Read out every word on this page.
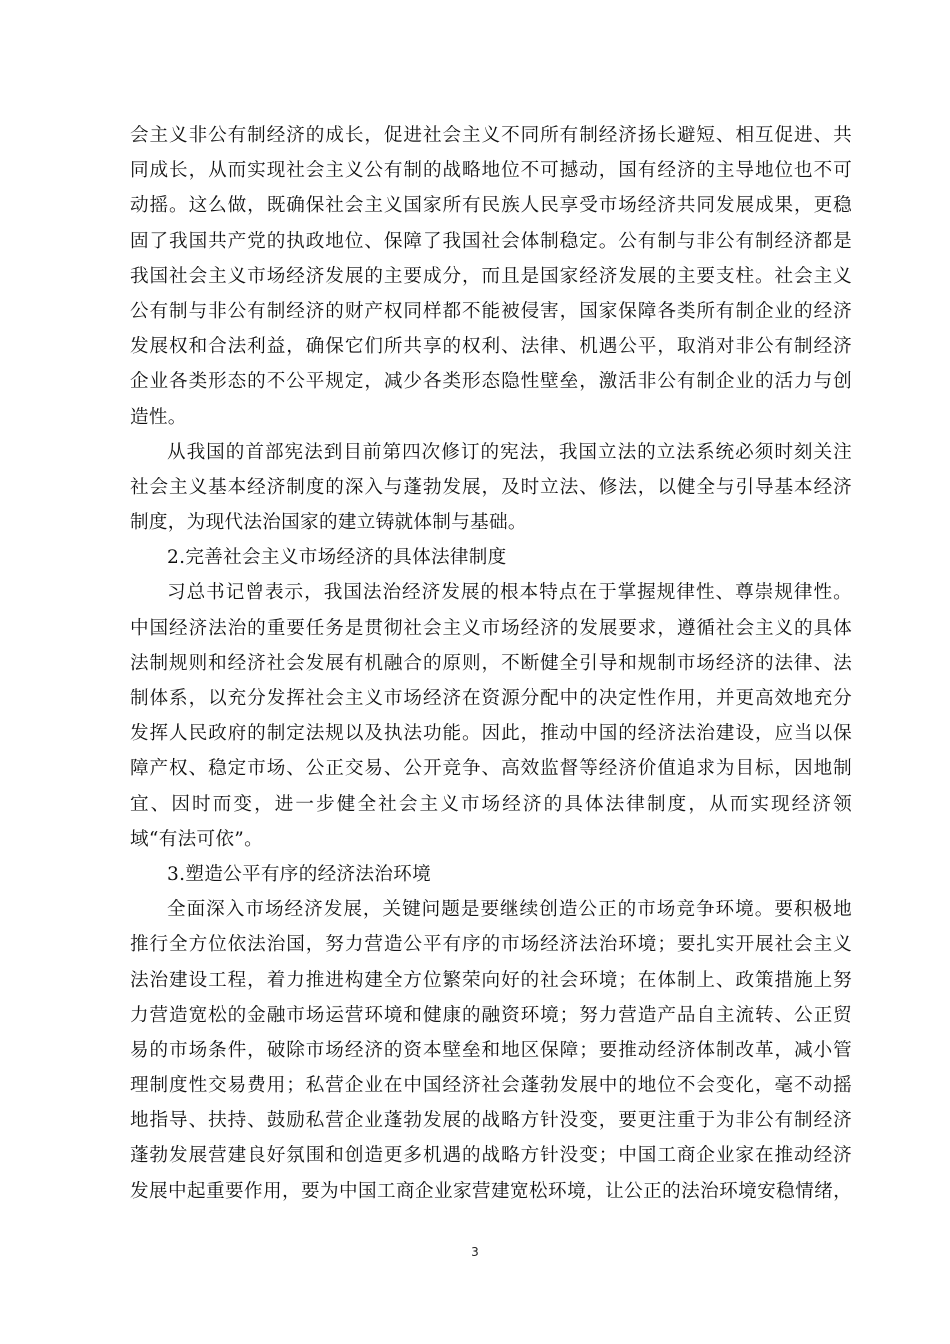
会主义非公有制经济的成长，促进社会主义不同所有制经济扬长避短、相互促进、共
同成长，从而实现社会主义公有制的战略地位不可撼动，国有经济的主导地位也不可
动摇。这么做，既确保社会主义国家所有民族人民享受市场经济共同发展成果，更稳
固了我国共产党的执政地位、保障了我国社会体制稳定。公有制与非公有制经济都是
我国社会主义市场经济发展的主要成分，而且是国家经济发展的主要支柱。社会主义
公有制与非公有制经济的财产权同样都不能被侵害，国家保障各类所有制企业的经济
发展权和合法利益，确保它们所共享的权利、法律、机遇公平，取消对非公有制经济
企业各类形态的不公平规定，减少各类形态隐性壁垒，激活非公有制企业的活力与创
造性。
从我国的首部宪法到目前第四次修订的宪法，我国立法的立法系统必须时刻关注
社会主义基本经济制度的深入与蓬勃发展，及时立法、修法，以健全与引导基本经济
制度，为现代法治国家的建立铸就体制与基础。
2.完善社会主义市场经济的具体法律制度
习总书记曾表示，我国法治经济发展的根本特点在于掌握规律性、尊崇规律性。
中国经济法治的重要任务是贯彻社会主义市场经济的发展要求，遵循社会主义的具体
法制规则和经济社会发展有机融合的原则，不断健全引导和规制市场经济的法律、法
制体系，以充分发挥社会主义市场经济在资源分配中的决定性作用，并更高效地充分
发挥人民政府的制定法规以及执法功能。因此，推动中国的经济法治建设，应当以保
障产权、稳定市场、公正交易、公开竞争、高效监督等经济价值追求为目标，因地制
宜、因时而变，进一步健全社会主义市场经济的具体法律制度，从而实现经济领
域“有法可依”。
3.塑造公平有序的经济法治环境
全面深入市场经济发展，关键问题是要继续创造公正的市场竞争环境。要积极地
推行全方位依法治国，努力营造公平有序的市场经济法治环境；要扎实开展社会主义
法治建设工程，着力推进构建全方位繁荣向好的社会环境；在体制上、政策措施上努
力营造宽松的金融市场运营环境和健康的融资环境；努力营造产品自主流转、公正贸
易的市场条件，破除市场经济的资本壁垒和地区保障；要推动经济体制改革，减小管
理制度性交易费用；私营企业在中国经济社会蓬勃发展中的地位不会变化，毫不动摇
地指导、扶持、鼓励私营企业蓬勃发展的战略方针没变，要更注重于为非公有制经济
蓬勃发展营建良好氛围和创造更多机遇的战略方针没变；中国工商企业家在推动经济
发展中起重要作用，要为中国工商企业家营建宽松环境，让公正的法治环境安稳情绪，
3
